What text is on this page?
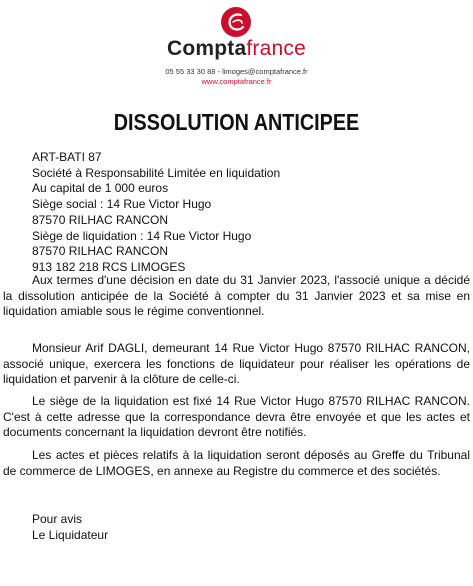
Comptafrance
05 55 33 30 88 - limoges@comptafrance.fr
www.comptafrance.fr
DISSOLUTION ANTICIPEE
ART-BATI 87
Société à Responsabilité Limitée en liquidation
Au capital de 1 000 euros
Siège social : 14 Rue Victor Hugo
87570 RILHAC RANCON
Siège de liquidation : 14 Rue Victor Hugo
87570 RILHAC RANCON
913 182 218 RCS LIMOGES
Aux termes d'une décision en date du 31 Janvier 2023, l'associé unique a décidé la dissolution anticipée de la Société à compter du 31 Janvier 2023 et sa mise en liquidation amiable sous le régime conventionnel.
Monsieur Arif DAGLI, demeurant 14 Rue Victor Hugo 87570 RILHAC RANCON, associé unique, exercera les fonctions de liquidateur pour réaliser les opérations de liquidation et parvenir à la clôture de celle-ci.
Le siège de la liquidation est fixé 14 Rue Victor Hugo 87570 RILHAC RANCON. C'est à cette adresse que la correspondance devra être envoyée et que les actes et documents concernant la liquidation devront être notifiés.
Les actes et pièces relatifs à la liquidation seront déposés au Greffe du Tribunal de commerce de LIMOGES, en annexe au Registre du commerce et des sociétés.
Pour avis
Le Liquidateur
